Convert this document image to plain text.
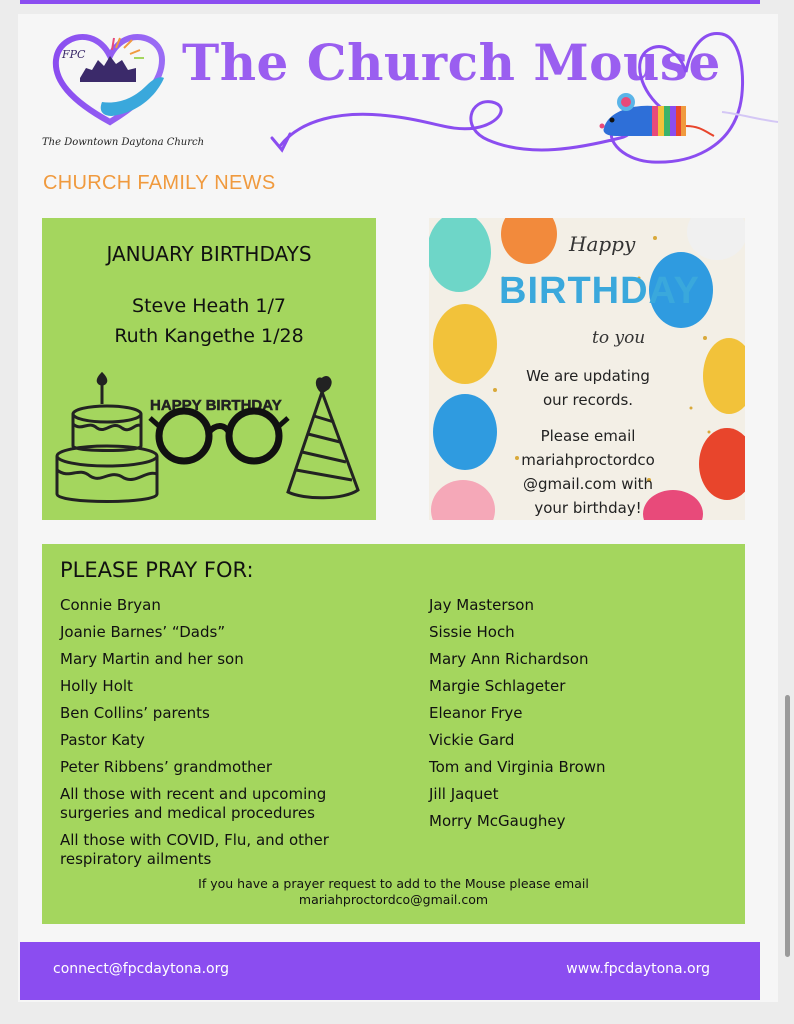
FPC
The Downtown Daytona Church
The Church Mouse
CHURCH FAMILY NEWS
JANUARY BIRTHDAYS
Steve Heath 1/7
Ruth Kangethe 1/28
HAPPY BIRTHDAY
Happy
BIRTHDAY
to you

We are updating

our records.

Please email

mariahproctordco

@gmail.com with

your birthday!

PLEASE PRAY FOR:
Connie Bryan
Joanie Barnes’ “Dads”
Mary Martin and her son
Holly Holt
Ben Collins’ parents
Pastor Katy
Peter Ribbens’ grandmother
All those with recent and upcoming surgeries and medical procedures
All those with COVID, Flu, and other respiratory ailments
Jay Masterson
Sissie Hoch
Mary Ann Richardson
Margie Schlageter
Eleanor Frye
Vickie Gard
Tom and Virginia Brown
Jill Jaquet
Morry McGaughey
If you have a prayer request to add to the Mouse please email
mariahproctordco@gmail.com
connect@fpcdaytona.org	www.fpcdaytona.org
